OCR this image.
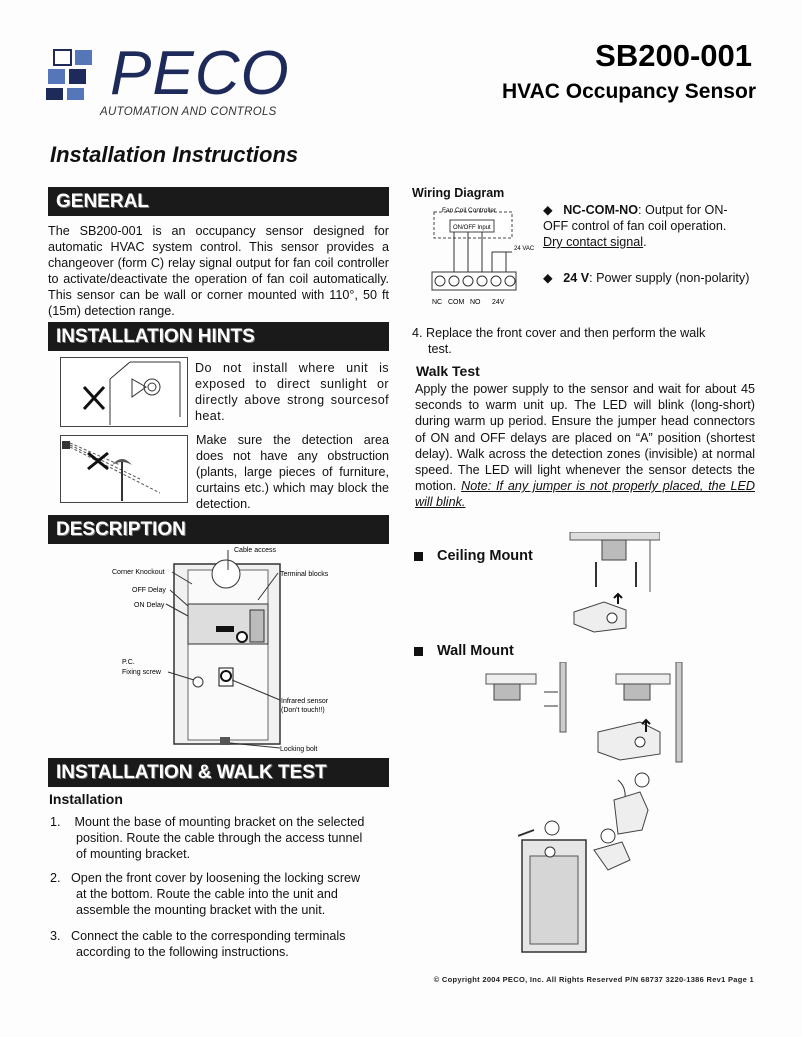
PECO
AUTOMATION AND CONTROLS
SB200-001
HVAC Occupancy Sensor
Installation Instructions
GENERAL
The SB200-001 is an occupancy sensor designed for automatic HVAC system control. This sensor provides a changeover (form C) relay signal output for fan coil controller to activate/deactivate the operation of fan coil automatically. This sensor can be wall or corner mounted with 110°, 50 ft (15m) detection range.
INSTALLATION HINTS
Do not install where unit is exposed to direct sunlight or directly above strong sourcesof heat.
Make sure the detection area does not have any obstruction (plants, large pieces of furniture, curtains etc.) which may block the detection.
DESCRIPTION
Cable access
Corner Knockout	Terminal blocks
OFF Delay
ON Delay
P.C.
Fixing screw
Infrared sensor
(Don't touch!!)
Locking bolt
INSTALLATION & WALK TEST
Installation
1. Mount the base of mounting bracket on the selected
position. Route the cable through the access tunnel
of mounting bracket.
2. Open the front cover by loosening the locking screw
at the bottom. Route the cable into the unit and
assemble the mounting bracket with the unit.
3. Connect the cable to the corresponding terminals
according to the following instructions.
Wiring Diagram
Fan Coil Controller
ON/OFF Input
24 VAC
NC COM NO 24V
◆ NC-COM-NO: Output for ON-
OFF control of fan coil operation.
Dry contact signal.
◆ 24 V: Power supply (non-polarity)
4. Replace the front cover and then perform the walk
test.
Walk Test
Apply the power supply to the sensor and wait for about 45 seconds to warm unit up. The LED will blink (long-short) during warm up period. Ensure the jumper head connectors of ON and OFF delays are placed on “A” position (shortest delay). Walk across the detection zones (invisible) at normal speed. The LED will light whenever the sensor detects the motion. Note: If any jumper is not properly placed, the LED will blink.
Ceiling Mount
Wall Mount
© Copyright 2004 PECO, Inc. All Rights Reserved P/N 68737 3220-1386 Rev1 Page 1
